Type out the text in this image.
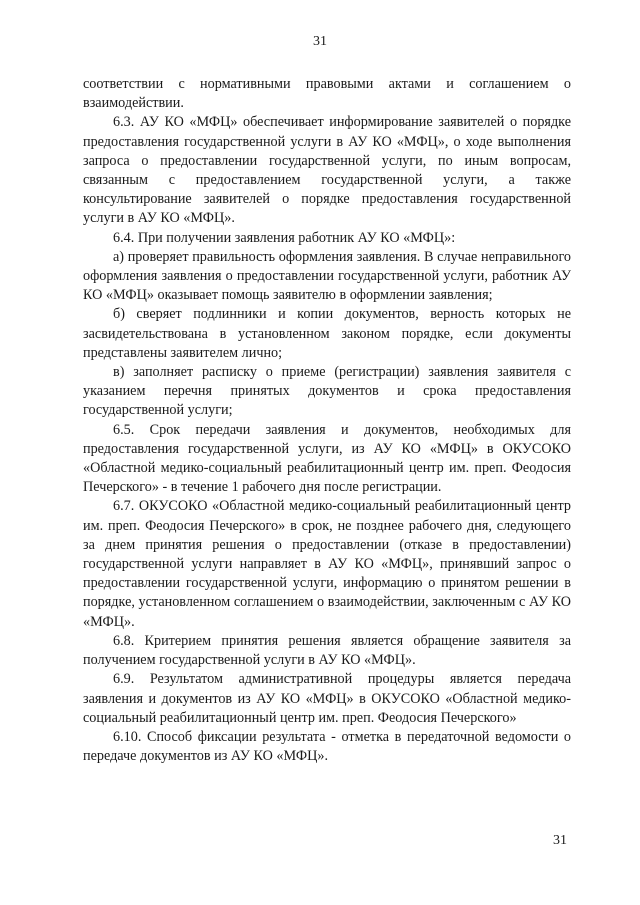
31

соответствии с нормативными правовыми актами и соглашением о взаимодействии.

6.3. АУ КО «МФЦ» обеспечивает информирование заявителей о порядке предоставления государственной услуги в АУ КО «МФЦ», о ходе выполнения запроса о предоставлении государственной услуги, по иным вопросам, связанным с предоставлением государственной услуги, а также консультирование заявителей о порядке предоставления государственной услуги в АУ КО «МФЦ».

6.4. При получении заявления работник АУ КО «МФЦ»:

а) проверяет правильность оформления заявления. В случае неправильного оформления заявления о предоставлении государственной услуги, работник АУ КО «МФЦ» оказывает помощь заявителю в оформлении заявления;

б) сверяет подлинники и копии документов, верность которых не засвидетельствована в установленном законом порядке, если документы представлены заявителем лично;

в) заполняет расписку о приеме (регистрации) заявления заявителя с указанием перечня принятых документов и срока предоставления государственной услуги;

6.5. Срок передачи заявления и документов, необходимых для предоставления государственной услуги, из АУ КО «МФЦ» в ОКУСОКО «Областной медико-социальный реабилитационный центр им. преп. Феодосия Печерского» - в течение 1 рабочего дня после регистрации.

6.7. ОКУСОКО «Областной медико-социальный реабилитационный центр им. преп. Феодосия Печерского» в срок, не позднее рабочего дня, следующего за днем принятия решения о предоставлении (отказе в предоставлении) государственной услуги направляет в АУ КО «МФЦ», принявший запрос о предоставлении государственной услуги, информацию о принятом решении в порядке, установленном соглашением о взаимодействии, заключенным с АУ КО «МФЦ».

6.8. Критерием принятия решения является обращение заявителя за получением государственной услуги в АУ КО «МФЦ».

6.9. Результатом административной процедуры является передача заявления и документов из АУ КО «МФЦ» в ОКУСОКО «Областной медико-социальный реабилитационный центр им. преп. Феодосия Печерского»

6.10. Способ фиксации результата - отметка в передаточной ведомости о передаче документов из АУ КО «МФЦ».

31
